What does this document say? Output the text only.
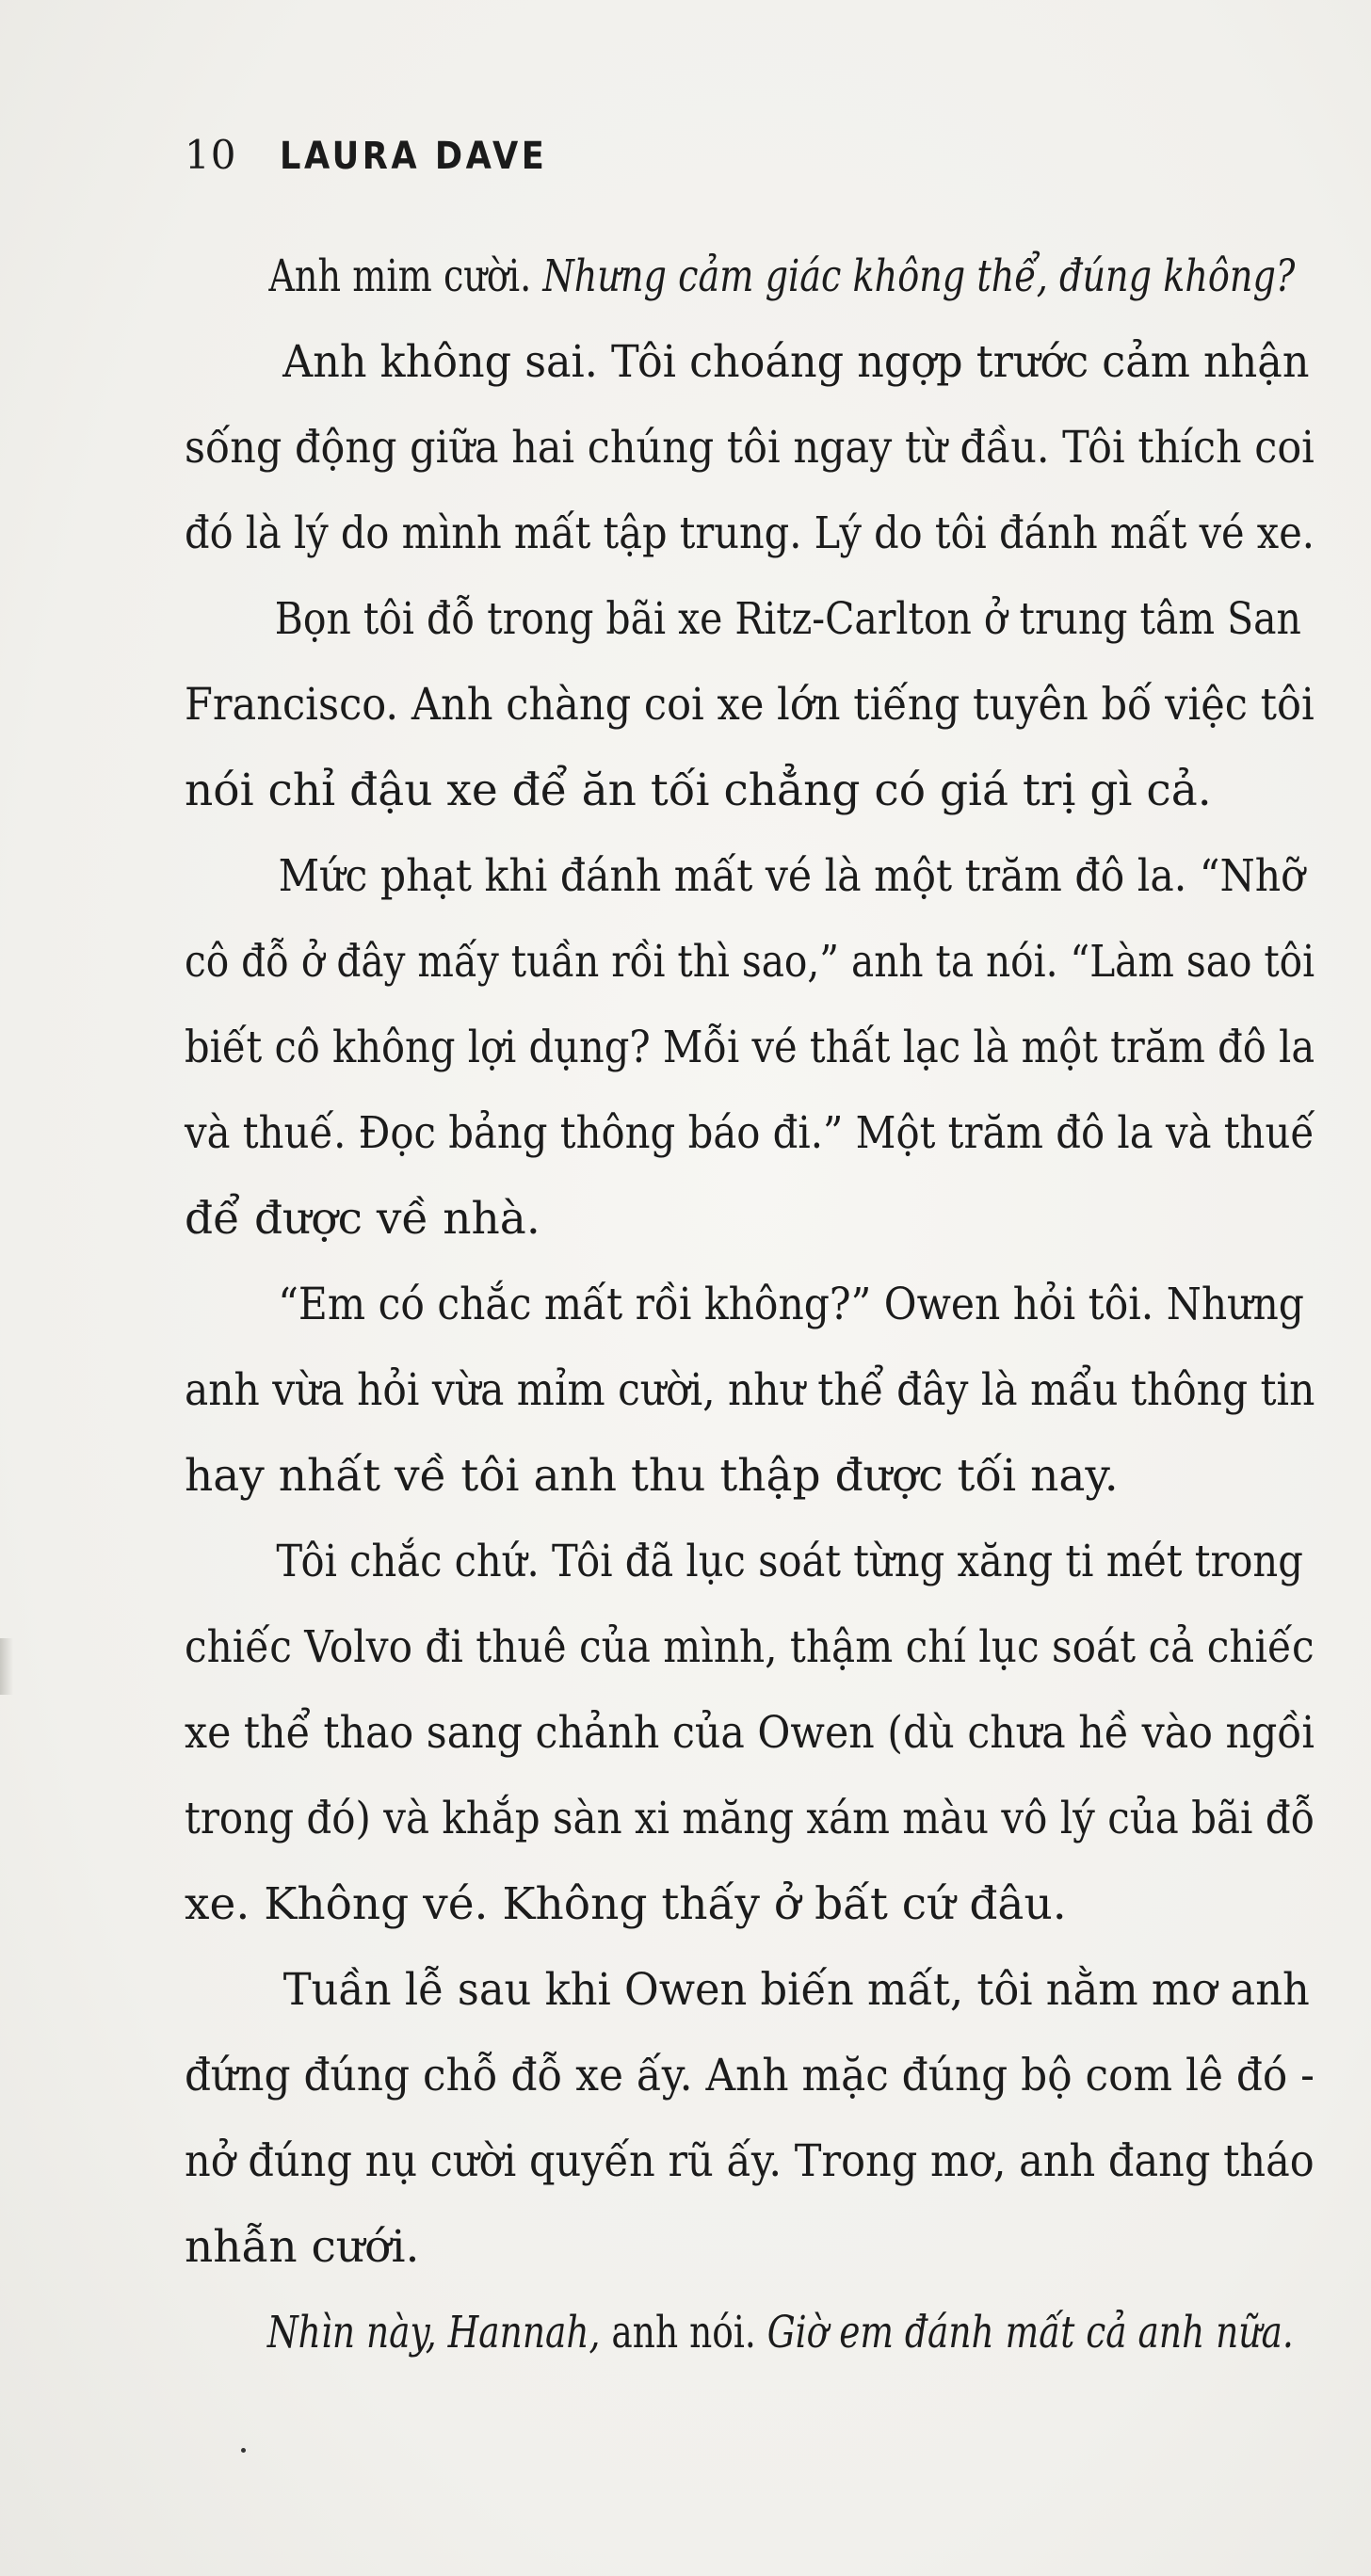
10 LAURA DAVE
Anh mim cười. Nhưng cảm giác không thể, đúng không?
Anh không sai. Tôi choáng ngợp trước cảm nhận
sống động giữa hai chúng tôi ngay từ đầu. Tôi thích coi
đó là lý do mình mất tập trung. Lý do tôi đánh mất vé xe.
Bọn tôi đỗ trong bãi xe Ritz-Carlton ở trung tâm San
Francisco. Anh chàng coi xe lớn tiếng tuyên bố việc tôi
nói chỉ đậu xe để ăn tối chẳng có giá trị gì cả.
Mức phạt khi đánh mất vé là một trăm đô la. “Nhỡ
cô đỗ ở đây mấy tuần rồi thì sao,” anh ta nói. “Làm sao tôi
biết cô không lợi dụng? Mỗi vé thất lạc là một trăm đô la
và thuế. Đọc bảng thông báo đi.” Một trăm đô la và thuế
để được về nhà.
“Em có chắc mất rồi không?” Owen hỏi tôi. Nhưng
anh vừa hỏi vừa mỉm cười, như thể đây là mẩu thông tin
hay nhất về tôi anh thu thập được tối nay.
Tôi chắc chứ. Tôi đã lục soát từng xăng ti mét trong
chiếc Volvo đi thuê của mình, thậm chí lục soát cả chiếc
xe thể thao sang chảnh của Owen (dù chưa hề vào ngồi
trong đó) và khắp sàn xi măng xám màu vô lý của bãi đỗ
xe. Không vé. Không thấy ở bất cứ đâu.
Tuần lễ sau khi Owen biến mất, tôi nằm mơ anh
đứng đúng chỗ đỗ xe ấy. Anh mặc đúng bộ com lê đó -
nở đúng nụ cười quyến rũ ấy. Trong mơ, anh đang tháo
nhẫn cưới.
Nhìn này, Hannah, anh nói. Giờ em đánh mất cả anh nữa.
